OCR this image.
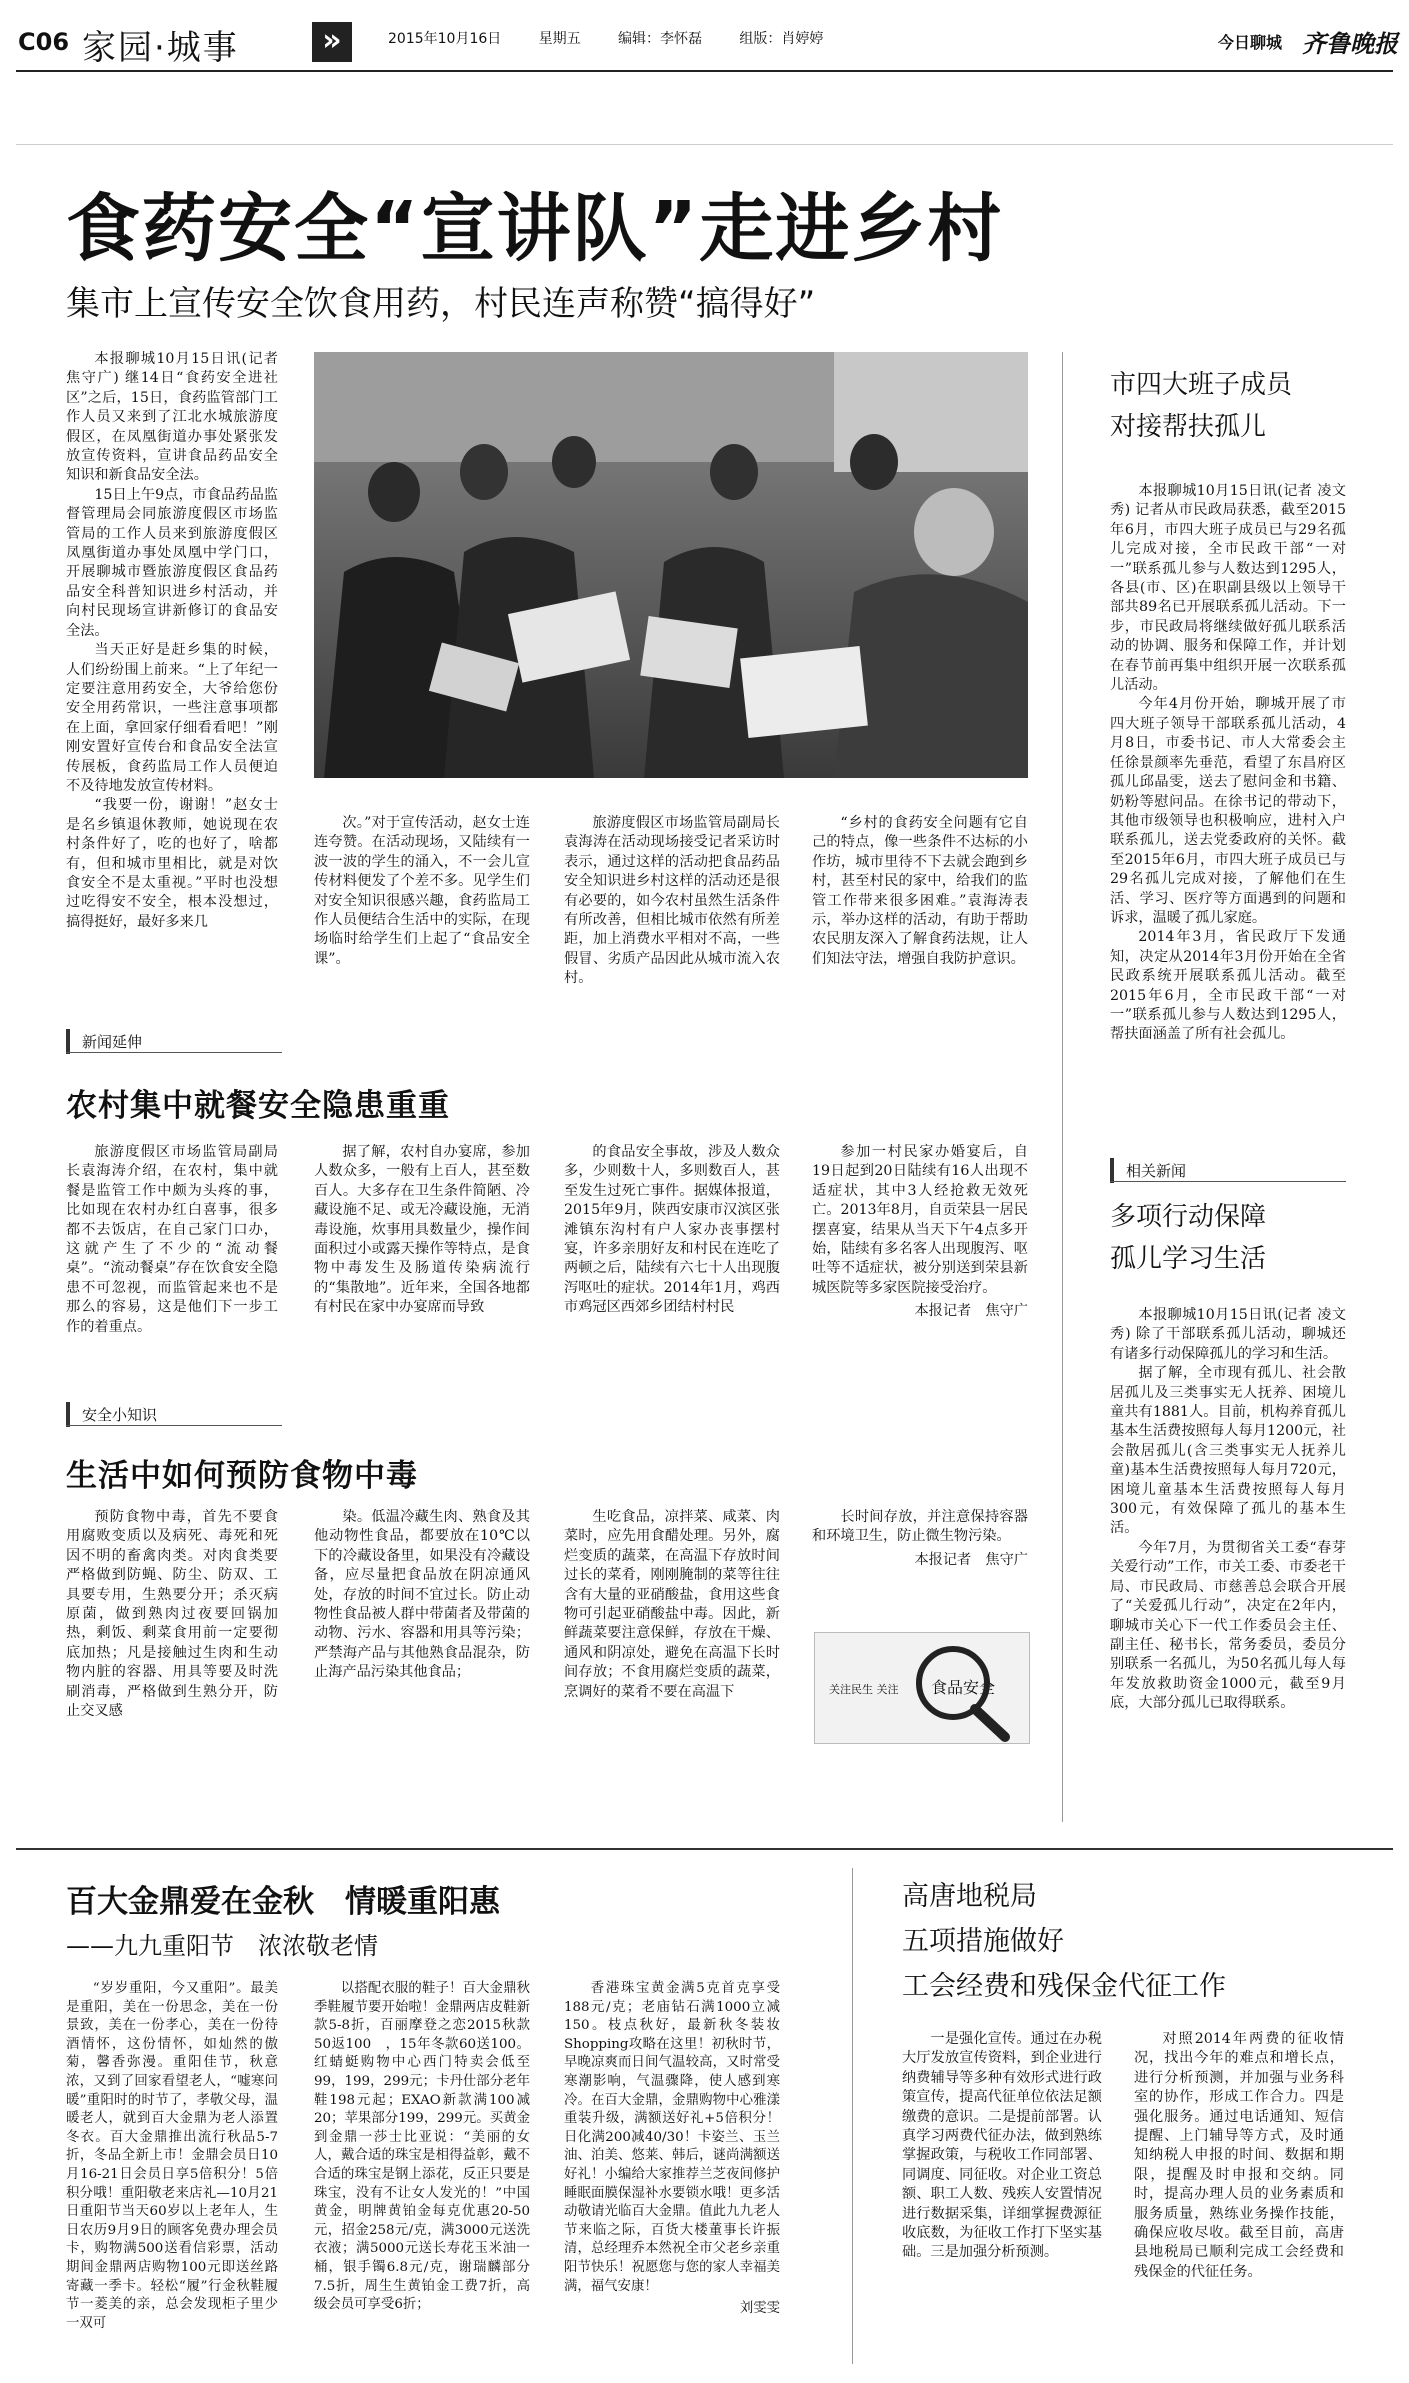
C06 家园·城事	»	2015年10月16日	星期五	编辑：李怀磊	组版：肖婷婷	今日聊城 齐鲁晚报
食药安全“宣讲队”走进乡村
集市上宣传安全饮食用药，村民连声称赞“搞得好”

本报聊城10月15日讯(记者 焦守广) 继14日“食药安全进社区”之后，15日，食药监管部门工作人员又来到了江北水城旅游度假区，在凤凰街道办事处紧张发放宣传资料，宣讲食品药品安全知识和新食品安全法。

15日上午9点，市食品药品监督管理局会同旅游度假区市场监管局的工作人员来到旅游度假区凤凰街道办事处凤凰中学门口，开展聊城市暨旅游度假区食品药品安全科普知识进乡村活动，并向村民现场宣讲新修订的食品安全法。

当天正好是赶乡集的时候，人们纷纷围上前来。“上了年纪一定要注意用药安全，大爷给您份安全用药常识，一些注意事项都在上面，拿回家仔细看看吧！”刚刚安置好宣传台和食品安全法宣传展板，食药监局工作人员便迫不及待地发放宣传材料。

“我要一份，谢谢！”赵女士是名乡镇退休教师，她说现在农村条件好了，吃的也好了，啥都有，但和城市里相比，就是对饮食安全不是太重视。”平时也没想过吃得安不安全，根本没想过，搞得挺好，最好多来几

次。”对于宣传活动，赵女士连连夸赞。在活动现场，又陆续有一波一波的学生的涌入，不一会儿宣传材料便发了个差不多。见学生们对安全知识很感兴趣，食药监局工作人员便结合生活中的实际，在现场临时给学生们上起了“食品安全课”。

旅游度假区市场监管局副局长袁海涛在活动现场接受记者采访时表示，通过这样的活动把食品药品安全知识进乡村这样的活动还是很有必要的，如今农村虽然生活条件有所改善，但相比城市依然有所差距，加上消费水平相对不高，一些假冒、劣质产品因此从城市流入农村。

“乡村的食药安全问题有它自己的特点，像一些条件不达标的小作坊，城市里待不下去就会跑到乡村，甚至村民的家中，给我们的监管工作带来很多困难。”袁海涛表示，举办这样的活动，有助于帮助农民朋友深入了解食药法规，让人们知法守法，增强自我防护意识。

新闻延伸
农村集中就餐安全隐患重重

旅游度假区市场监管局副局长袁海涛介绍，在农村，集中就餐是监管工作中颇为头疼的事，比如现在农村办红白喜事，很多都不去饭店，在自己家门口办，这就产生了不少的“流动餐桌”。“流动餐桌”存在饮食安全隐患不可忽视，而监管起来也不是那么的容易，这是他们下一步工作的着重点。

据了解，农村自办宴席，参加人数众多，一般有上百人，甚至数百人。大多存在卫生条件简陋、冷藏设施不足、或无冷藏设施，无消毒设施，炊事用具数量少，操作间面积过小或露天操作等特点，是食物中毒发生及肠道传染病流行的“集散地”。近年来，全国各地都有村民在家中办宴席而导致

的食品安全事故，涉及人数众多，少则数十人，多则数百人，甚至发生过死亡事件。据媒体报道，2015年9月，陕西安康市汉滨区张滩镇东沟村有户人家办丧事摆村宴，许多亲朋好友和村民在连吃了两顿之后，陆续有六七十人出现腹泻呕吐的症状。2014年1月，鸡西市鸡冠区西郊乡团结村村民

参加一村民家办婚宴后，自19日起到20日陆续有16人出现不适症状，其中3人经抢救无效死亡。2013年8月，自贡荣县一居民摆喜宴，结果从当天下午4点多开始，陆续有多名客人出现腹泻、呕吐等不适症状，被分别送到荣县新城医院等多家医院接受治疗。

本报记者　焦守广
安全小知识
生活中如何预防食物中毒

预防食物中毒，首先不要食用腐败变质以及病死、毒死和死因不明的畜禽肉类。对肉食类要严格做到防蝇、防尘、防双、工具要专用，生熟要分开；杀灭病原菌，做到熟肉过夜要回锅加热，剩饭、剩菜食用前一定要彻底加热；凡是接触过生肉和生动物内脏的容器、用具等要及时洗刷消毒，严格做到生熟分开，防止交叉感

染。低温冷藏生肉、熟食及其他动物性食品，都要放在10℃以下的冷藏设备里，如果没有冷藏设备，应尽量把食品放在阴凉通风处，存放的时间不宜过长。防止动物性食品被人群中带菌者及带菌的动物、污水、容器和用具等污染；严禁海产品与其他熟食品混杂，防止海产品污染其他食品；

生吃食品，凉拌菜、咸菜、肉菜时，应先用食醋处理。另外，腐烂变质的蔬菜，在高温下存放时间过长的菜肴，刚刚腌制的菜等往往含有大量的亚硝酸盐，食用这些食物可引起亚硝酸盐中毒。因此，新鲜蔬菜要注意保鲜，存放在干燥、通风和阴凉处，避免在高温下长时间存放；不食用腐烂变质的蔬菜，烹调好的菜肴不要在高温下

长时间存放，并注意保持容器和环境卫生，防止微生物污染。

本报记者　焦守广
关注民生 关注 食品安全
市四大班子成员
对接帮扶孤儿

本报聊城10月15日讯(记者 凌文秀) 记者从市民政局获悉，截至2015年6月，市四大班子成员已与29名孤儿完成对接，全市民政干部“一对一”联系孤儿参与人数达到1295人，各县(市、区)在职副县级以上领导干部共89名已开展联系孤儿活动。下一步，市民政局将继续做好孤儿联系活动的协调、服务和保障工作，并计划在春节前再集中组织开展一次联系孤儿活动。

今年4月份开始，聊城开展了市四大班子领导干部联系孤儿活动，4月8日，市委书记、市人大常委会主任徐景颜率先垂范，看望了东昌府区孤儿邱晶雯，送去了慰问金和书籍、奶粉等慰问品。在徐书记的带动下，其他市级领导也积极响应，进村入户联系孤儿，送去党委政府的关怀。截至2015年6月，市四大班子成员已与29名孤儿完成对接，了解他们在生活、学习、医疗等方面遇到的问题和诉求，温暖了孤儿家庭。

2014年3月，省民政厅下发通知，决定从2014年3月份开始在全省民政系统开展联系孤儿活动。截至2015年6月，全市民政干部“一对一”联系孤儿参与人数达到1295人，帮扶面涵盖了所有社会孤儿。

相关新闻
多项行动保障
孤儿学习生活

本报聊城10月15日讯(记者 凌文秀) 除了干部联系孤儿活动，聊城还有诸多行动保障孤儿的学习和生活。

据了解，全市现有孤儿、社会散居孤儿及三类事实无人抚养、困境儿童共有1881人。目前，机构养育孤儿基本生活费按照每人每月1200元，社会散居孤儿(含三类事实无人抚养儿童)基本生活费按照每人每月720元，困境儿童基本生活费按照每人每月300元，有效保障了孤儿的基本生活。

今年7月，为贯彻省关工委“春芽关爱行动”工作，市关工委、市委老干局、市民政局、市慈善总会联合开展了“关爱孤儿行动”，决定在2年内，聊城市关心下一代工作委员会主任、副主任、秘书长，常务委员，委员分别联系一名孤儿，为50名孤儿每人每年发放救助资金1000元，截至9月底，大部分孤儿已取得联系。

百大金鼎爱在金秋　情暖重阳惠
——九九重阳节　浓浓敬老情

“岁岁重阳，今又重阳”。最美是重阳，美在一份思念，美在一份景致，美在一份孝心，美在一份待酒情怀，这份情怀，如灿然的傲菊，馨香弥漫。重阳佳节，秋意浓，又到了回家看望老人，“嘘寒问暖”重阳时的时节了，孝敬父母，温暖老人，就到百大金鼎为老人添置冬衣。百大金鼎推出流行秋品5-7折，冬品全新上市！金鼎会员日10月16-21日会员日享5倍积分！5倍积分哦！重阳敬老来店礼—10月21日重阳节当天60岁以上老年人，生日农历9月9日的顾客免费办理会员卡，购物满500送看信彩票，活动期间金鼎两店购物100元即送丝路寄藏一季卡。轻松“履”行金秋鞋履节一菱美的亲，总会发现柜子里少一双可

以搭配衣服的鞋子！百大金鼎秋季鞋履节要开始啦！金鼎两店皮鞋新款5-8折，百丽摩登之恋2015秋款50返100　，15年冬款60送100。红蜻蜓购物中心西门特卖会低至99，199，299元；卡丹仕部分老年鞋198元起；EXAO新款满100减20；苹果部分199，299元。买黄金到金鼎一莎士比亚说：“美丽的女人，戴合适的珠宝是相得益彰，戴不合适的珠宝是钢上添花，反正只要是珠宝，没有不让女人发光的！”中国黄金，明牌黄铂金每克优惠20-50元，招金258元/克，满3000元送洗衣液；满5000元送长寿花玉米油一桶，银手镯6.8元/克，谢瑞麟部分7.5折，周生生黄铂金工费7折，高级会员可享受6折；

香港珠宝黄金满5克首克享受188元/克；老庙钻石满1000立减150。枝点秋好，最新秋冬装妆Shopping攻略在这里！初秋时节，早晚凉爽而日间气温较高，又时常受寒潮影响，气温骤降，使人感到寒冷。在百大金鼎，金鼎购物中心雅漾重装升级，满额送好礼+5倍积分！日化满200减40/30！卡姿兰、玉兰油、泊美、悠莱、韩后，谜尚满额送好礼！小编给大家推荐兰芝夜间修护睡眠面膜保湿补水要锁水哦！更多活动敬请光临百大金鼎。值此九九老人节来临之际，百货大楼董事长许振清，总经理乔本然祝全市父老乡亲重阳节快乐！祝愿您与您的家人幸福美满，福气安康！

刘雯雯
高唐地税局
五项措施做好
工会经费和残保金代征工作

一是强化宣传。通过在办税大厅发放宣传资料，到企业进行纳费辅导等多种有效形式进行政策宣传，提高代征单位依法足额缴费的意识。二是提前部署。认真学习两费代征办法，做到熟练掌握政策，与税收工作同部署、同调度、同征收。对企业工资总额、职工人数、残疾人安置情况进行数据采集，详细掌握费源征收底数，为征收工作打下坚实基础。三是加强分析预测。

对照2014年两费的征收情况，找出今年的难点和增长点，进行分析预测，并加强与业务科室的协作，形成工作合力。四是强化服务。通过电话通知、短信提醒、上门辅导等方式，及时通知纳税人申报的时间、数据和期限，提醒及时申报和交纳。同时，提高办理人员的业务素质和服务质量，熟练业务操作技能，确保应收尽收。截至目前，高唐县地税局已顺利完成工会经费和残保金的代征任务。
